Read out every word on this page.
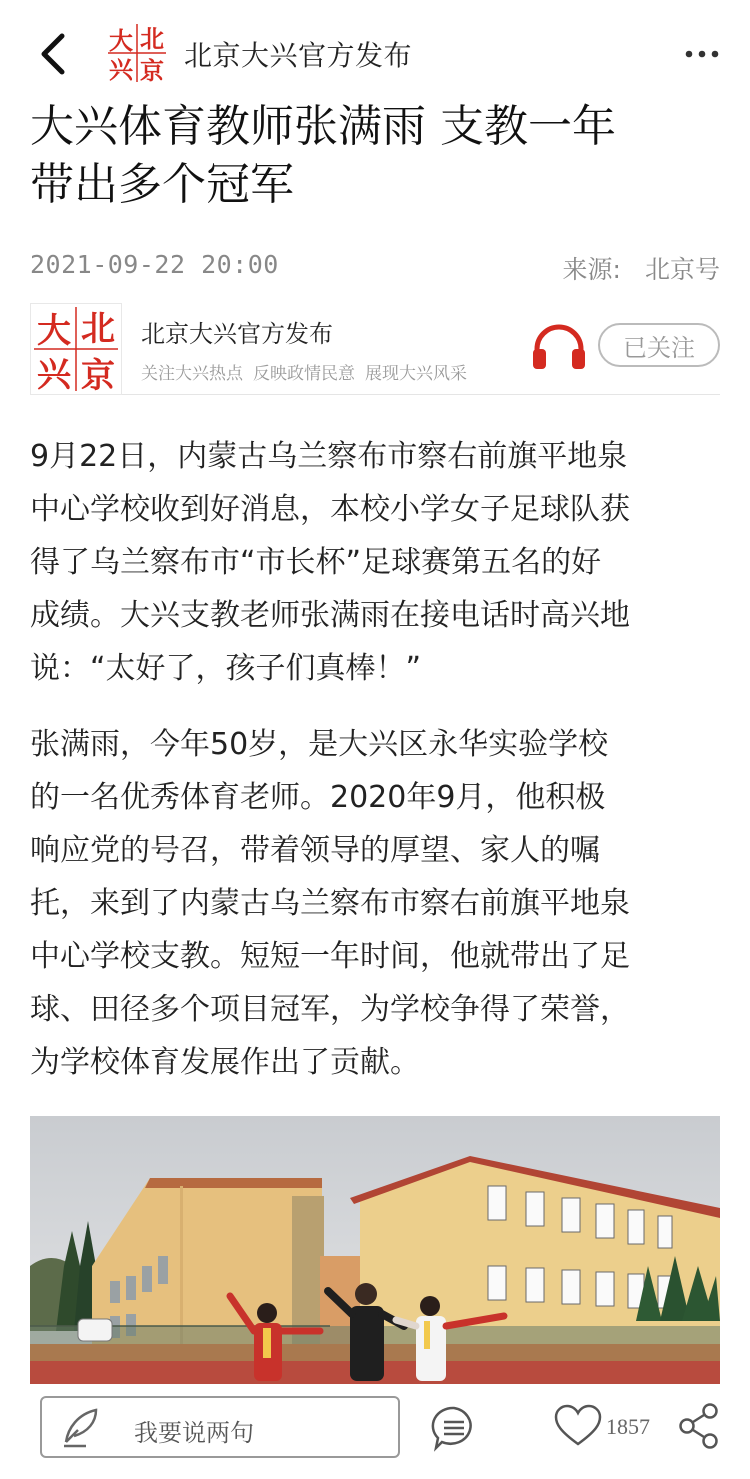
大 北
兴 京 北京大兴官方发布
大兴体育教师张满雨 支教一年
带出多个冠军
2021-09-22 20:00	来源: 北京号
大 北
兴 京
北京大兴官方发布
关注大兴热点 反映政情民意 展现大兴风采
已关注
9月22日，内蒙古乌兰察布市察右前旗平地泉
中心学校收到好消息，本校小学女子足球队获
得了乌兰察布市“市长杯”足球赛第五名的好
成绩。大兴支教老师张满雨在接电话时高兴地
说：“太好了，孩子们真棒！”
张满雨，今年50岁，是大兴区永华实验学校
的一名优秀体育老师。2020年9月，他积极
响应党的号召，带着领导的厚望、家人的嘱
托，来到了内蒙古乌兰察布市察右前旗平地泉
中心学校支教。短短一年时间，他就带出了足
球、田径多个项目冠军，为学校争得了荣誉，
为学校体育发展作出了贡献。
我要说两句	1857
